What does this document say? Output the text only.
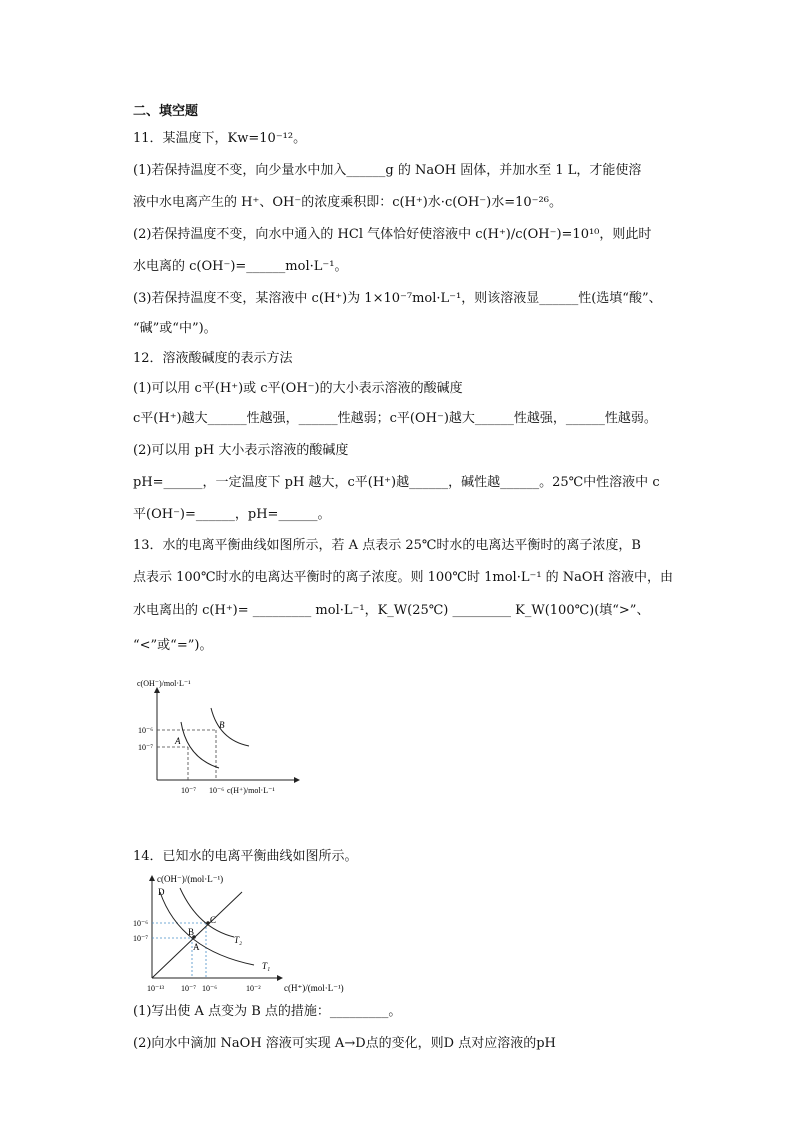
二、填空题
11．某温度下，Kw=10⁻¹²。
(1)若保持温度不变，向少量水中加入______g 的 NaOH 固体，并加水至 1 L，才能使溶
液中水电离产生的 H⁺、OH⁻的浓度乘积即：c(H⁺)水·c(OH⁻)水=10⁻²⁶。
(2)若保持温度不变，向水中通入的 HCl 气体恰好使溶液中 c(H⁺)/c(OH⁻)=10¹⁰，则此时
水电离的 c(OH⁻)=______mol·L⁻¹。
(3)若保持温度不变，某溶液中 c(H⁺)为 1×10⁻⁷mol·L⁻¹，则该溶液显______性(选填“酸”、
“碱”或“中”)。
12．溶液酸碱度的表示方法
(1)可以用 c平(H⁺)或 c平(OH⁻)的大小表示溶液的酸碱度
c平(H⁺)越大______性越强，______性越弱；c平(OH⁻)越大______性越强，______性越弱。
(2)可以用 pH 大小表示溶液的酸碱度
pH=______，一定温度下 pH 越大，c平(H⁺)越______，碱性越______。25℃中性溶液中 c
平(OH⁻)=______，pH=______。
13．水的电离平衡曲线如图所示，若 A 点表示 25℃时水的电离达平衡时的离子浓度，B
点表示 100℃时水的电离达平衡时的离子浓度。则 100℃时 1mol·L⁻¹ 的 NaOH 溶液中，由
水电离出的 c(H⁺)= _________ mol·L⁻¹，K_W(25℃) _________ K_W(100℃)(填“>”、
“<”或“=”)。
c(OH⁻)/mol·L⁻¹
c(H⁺)/mol·L⁻¹
10⁻⁶
10⁻⁷
10⁻⁷ 10⁻⁶
A
B
14．已知水的电离平衡曲线如图所示。
c(OH⁻)/(mol·L⁻¹)
c(H⁺)/(mol·L⁻¹)
10⁻⁶
10⁻⁷
10⁻¹³ 10⁻⁷ 10⁻⁶	10⁻²
D
B
A
C
T₂
T₁
(1)写出使 A 点变为 B 点的措施：_________。
(2)向水中滴加 NaOH 溶液可实现 A→D点的变化，则D 点对应溶液的pH
